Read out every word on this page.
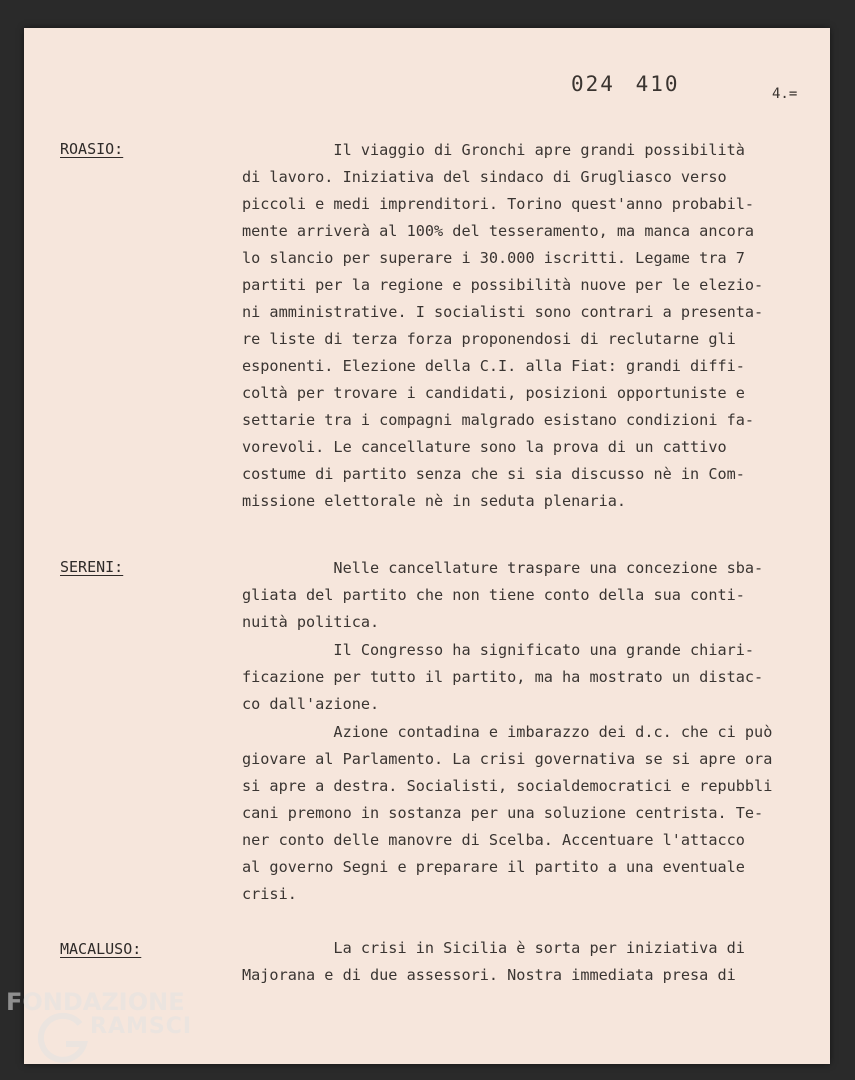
024 410	4.=
ROASIO:	Il viaggio di Gronchi apre grandi possibilità
di lavoro. Iniziativa del sindaco di Grugliasco verso
piccoli e medi imprenditori. Torino quest'anno probabil-
mente arriverà al 100% del tesseramento, ma manca ancora
lo slancio per superare i 30.000 iscritti. Legame tra 7
partiti per la regione e possibilità nuove per le elezio-
ni amministrative. I socialisti sono contrari a presenta-
re liste di terza forza proponendosi di reclutarne gli
esponenti. Elezione della C.I. alla Fiat: grandi diffi-
coltà per trovare i candidati, posizioni opportuniste e
settarie tra i compagni malgrado esistano condizioni fa-
vorevoli. Le cancellature sono la prova di un cattivo
costume di partito senza che si sia discusso nè in Com-
missione elettorale nè in seduta plenaria.

SERENI:	Nelle cancellature traspare una concezione sba-
gliata del partito che non tiene conto della sua conti-
nuità politica.

Il Congresso ha significato una grande chiari-
ficazione per tutto il partito, ma ha mostrato un distac-
co dall'azione.

Azione contadina e imbarazzo dei d.c. che ci può
giovare al Parlamento. La crisi governativa se si apre ora
si apre a destra. Socialisti, socialdemocratici e repubbli
cani premono in sostanza per una soluzione centrista. Te-
ner conto delle manovre di Scelba. Accentuare l'attacco
al governo Segni e preparare il partito a una eventuale
crisi.

MACALUSO:	La crisi in Sicilia è sorta per iniziativa di
Majorana e di due assessori. Nostra immediata presa di

FONDAZIONE
RAMSCI
